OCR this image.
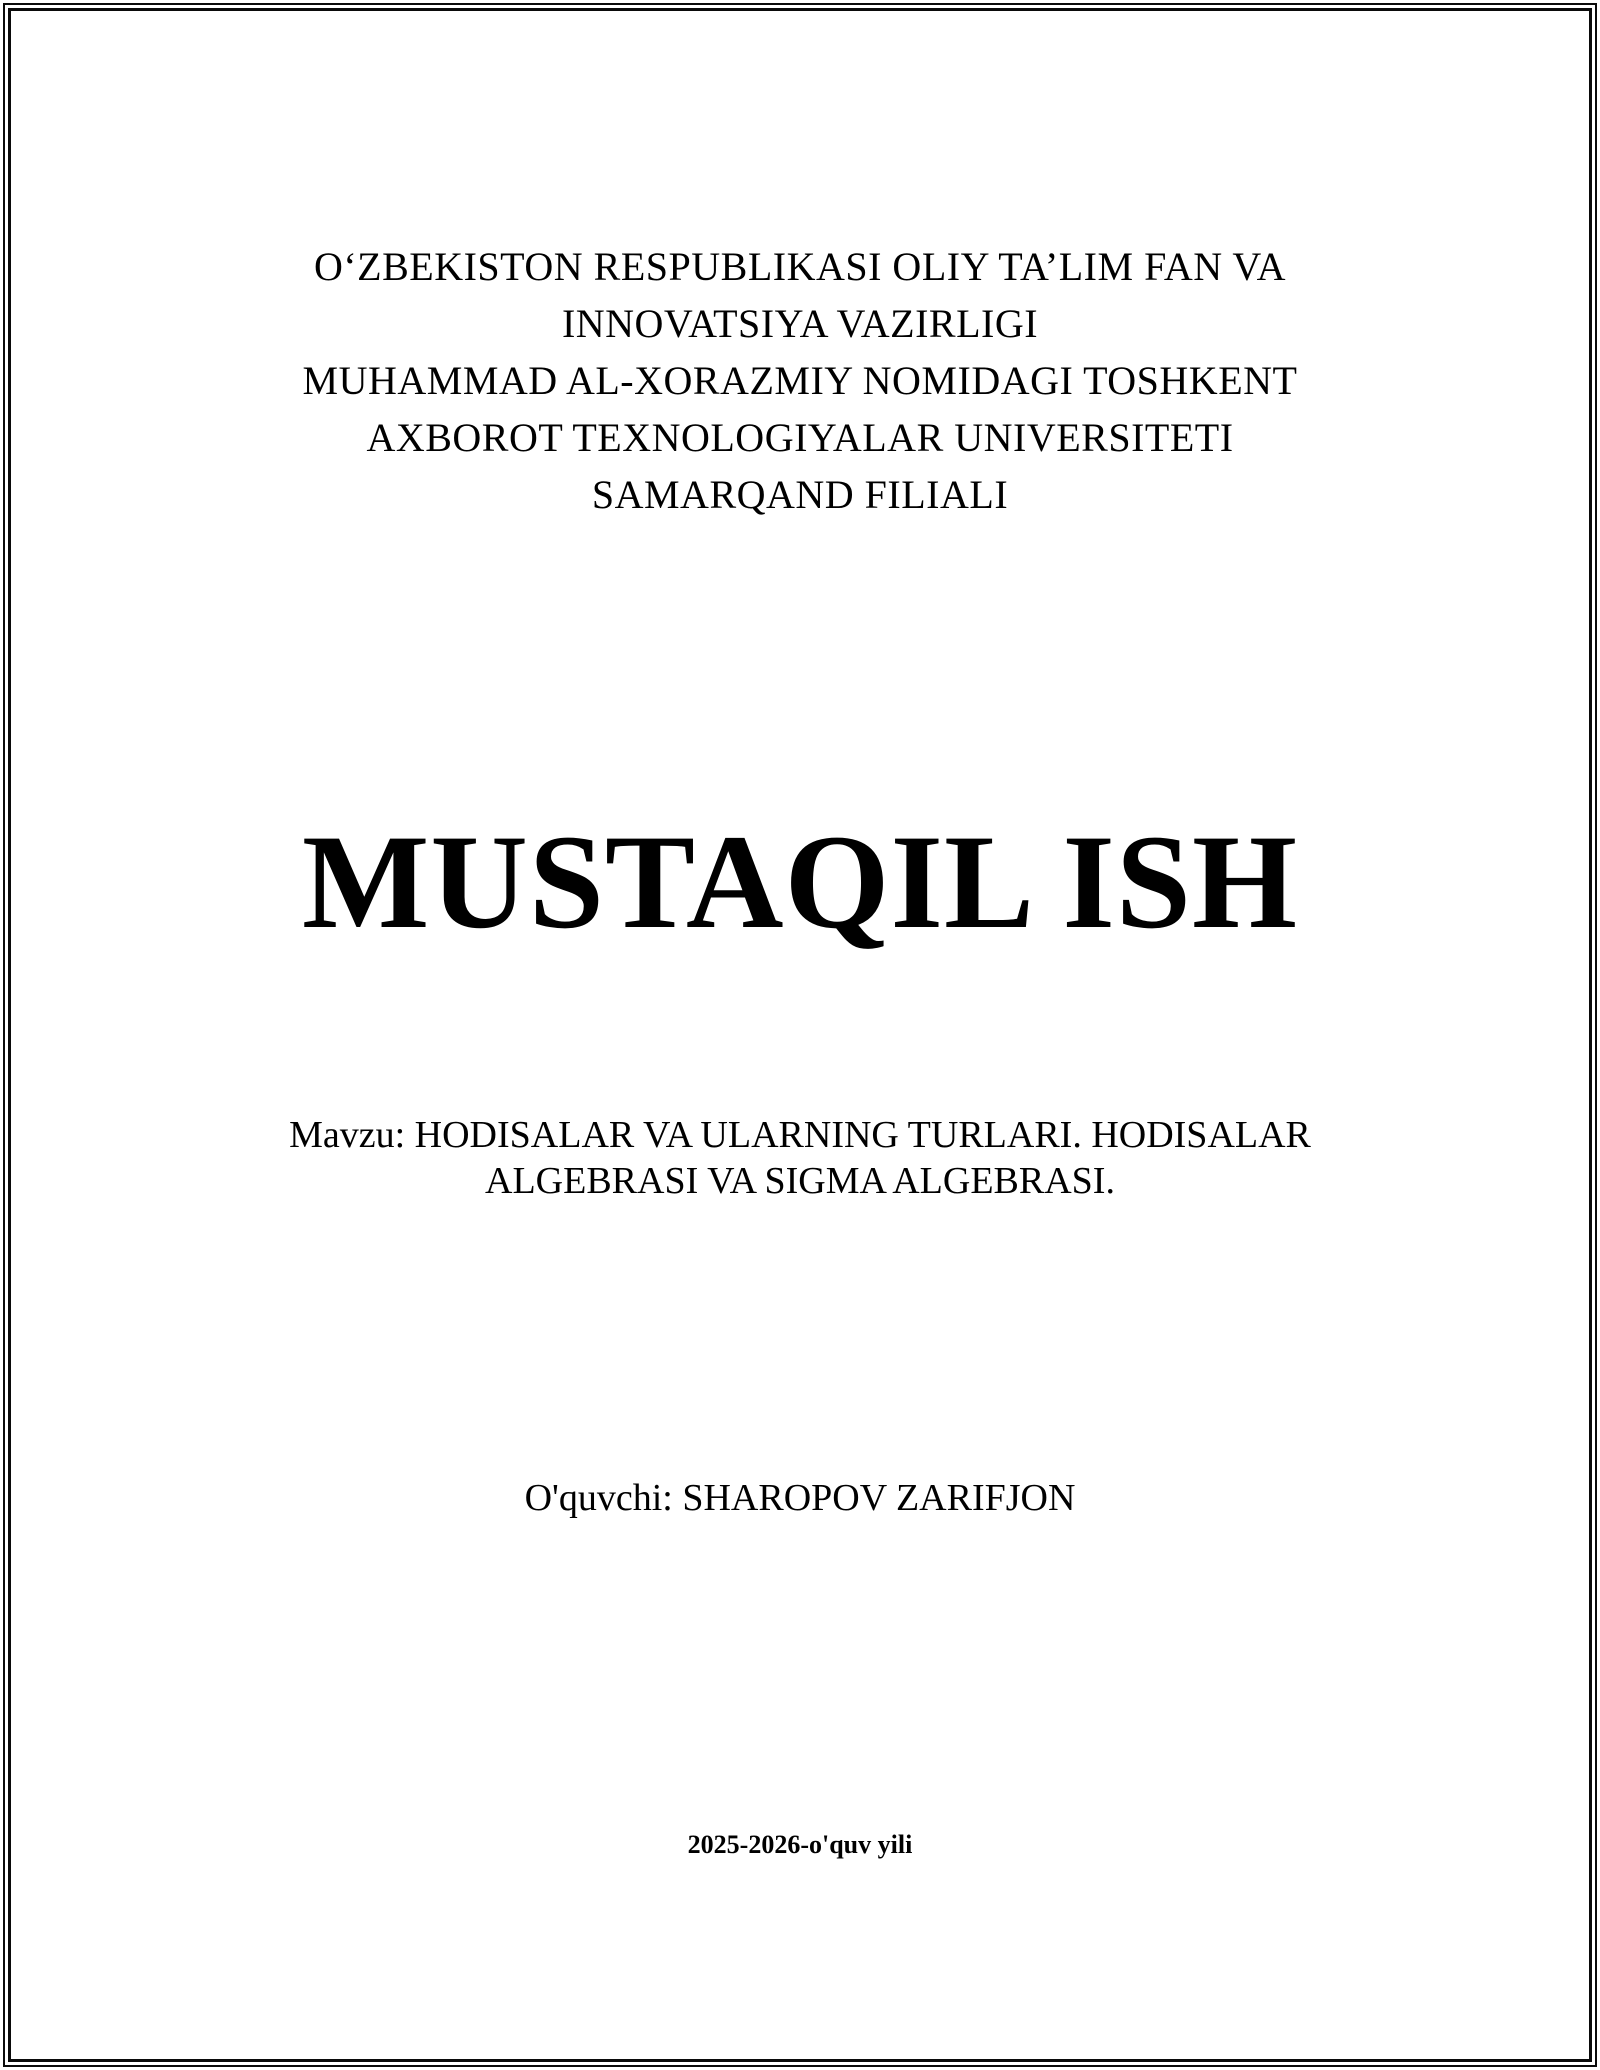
OʻZBEKISTON RESPUBLIKASI OLIY TA’LIM FAN VA
INNOVATSIYA VAZIRLIGI
MUHAMMAD AL-XORAZMIY NOMIDAGI TOSHKENT
AXBOROT TEXNOLOGIYALAR UNIVERSITETI
SAMARQAND FILIALI
MUSTAQIL ISH
Mavzu: HODISALAR VA ULARNING TURLARI. HODISALAR
ALGEBRASI VA SIGMA ALGEBRASI.
O'quvchi: SHAROPOV ZARIFJON
2025-2026-o'quv yili
